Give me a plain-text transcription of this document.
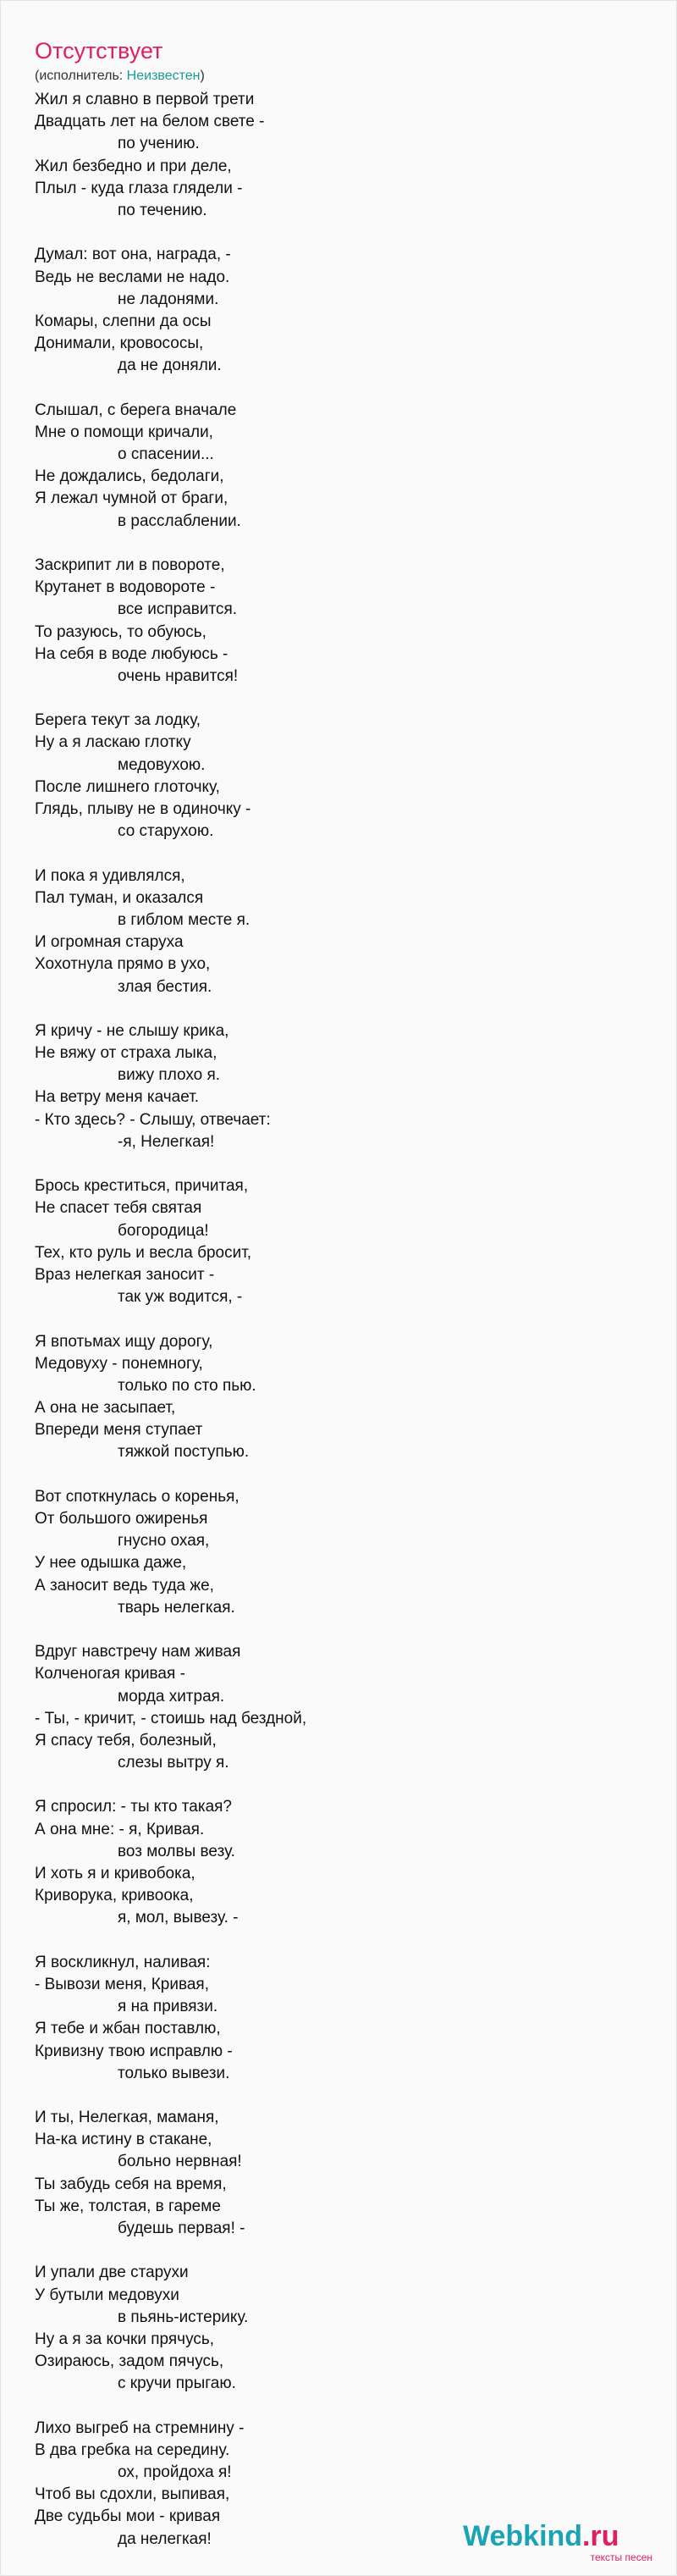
Отсутствует
(исполнитель: Неизвестен)
Жил я славно в первой трети
Двадцать лет на белом свете -
по учению.
Жил безбедно и при деле,
Плыл - куда глаза глядели -
по течению.
Думал: вот она, награда, -
Ведь не веслами не надо.
не ладонями.
Комары, слепни да осы
Донимали, кровососы,
да не доняли.
Слышал, с берега вначале
Мне о помощи кричали,
о спасении...
Не дождались, бедолаги,
Я лежал чумной от браги,
в расслаблении.
Заскрипит ли в повороте,
Крутанет в водовороте -
все исправится.
То разуюсь, то обуюсь,
На себя в воде любуюсь -
очень нравится!
Берега текут за лодку,
Ну а я ласкаю глотку
медовухою.
После лишнего глоточку,
Глядь, плыву не в одиночку -
со старухою.
И пока я удивлялся,
Пал туман, и оказался
в гиблом месте я.
И огромная старуха
Хохотнула прямо в ухо,
злая бестия.
Я кричу - не слышу крика,
Не вяжу от страха лыка,
вижу плохо я.
На ветру меня качает.
- Кто здесь? - Слышу, отвечает:
-я, Нелегкая!
Брось креститься, причитая,
Не спасет тебя святая
богородица!
Тех, кто руль и весла бросит,
Враз нелегкая заносит -
так уж водится, -
Я впотьмах ищу дорогу,
Медовуху - понемногу,
только по сто пью.
А она не засыпает,
Впереди меня ступает
тяжкой поступью.
Вот споткнулась о коренья,
От большого ожиренья
гнусно охая,
У нее одышка даже,
А заносит ведь туда же,
тварь нелегкая.
Вдруг навстречу нам живая
Колченогая кривая -
морда хитрая.
- Ты, - кричит, - стоишь над бездной,
Я спасу тебя, болезный,
слезы вытру я.
Я спросил: - ты кто такая?
А она мне: - я, Кривая.
воз молвы везу.
И хоть я и кривобока,
Криворука, кривоока,
я, мол, вывезу. -
Я воскликнул, наливая:
- Вывози меня, Кривая,
я на привязи.
Я тебе и жбан поставлю,
Кривизну твою исправлю -
только вывези.
И ты, Нелегкая, маманя,
На-ка истину в стакане,
больно нервная!
Ты забудь себя на время,
Ты же, толстая, в гареме
будешь первая! -
И упали две старухи
У бутыли медовухи
в пьянь-истерику.
Ну а я за кочки прячусь,
Озираюсь, задом пячусь,
с кручи прыгаю.
Лихо выгреб на стремнину -
В два гребка на середину.
ох, пройдоха я!
Чтоб вы сдохли, выпивая,
Две судьбы мои - кривая
да нелегкая!	Webkind.ru
тексты песен
